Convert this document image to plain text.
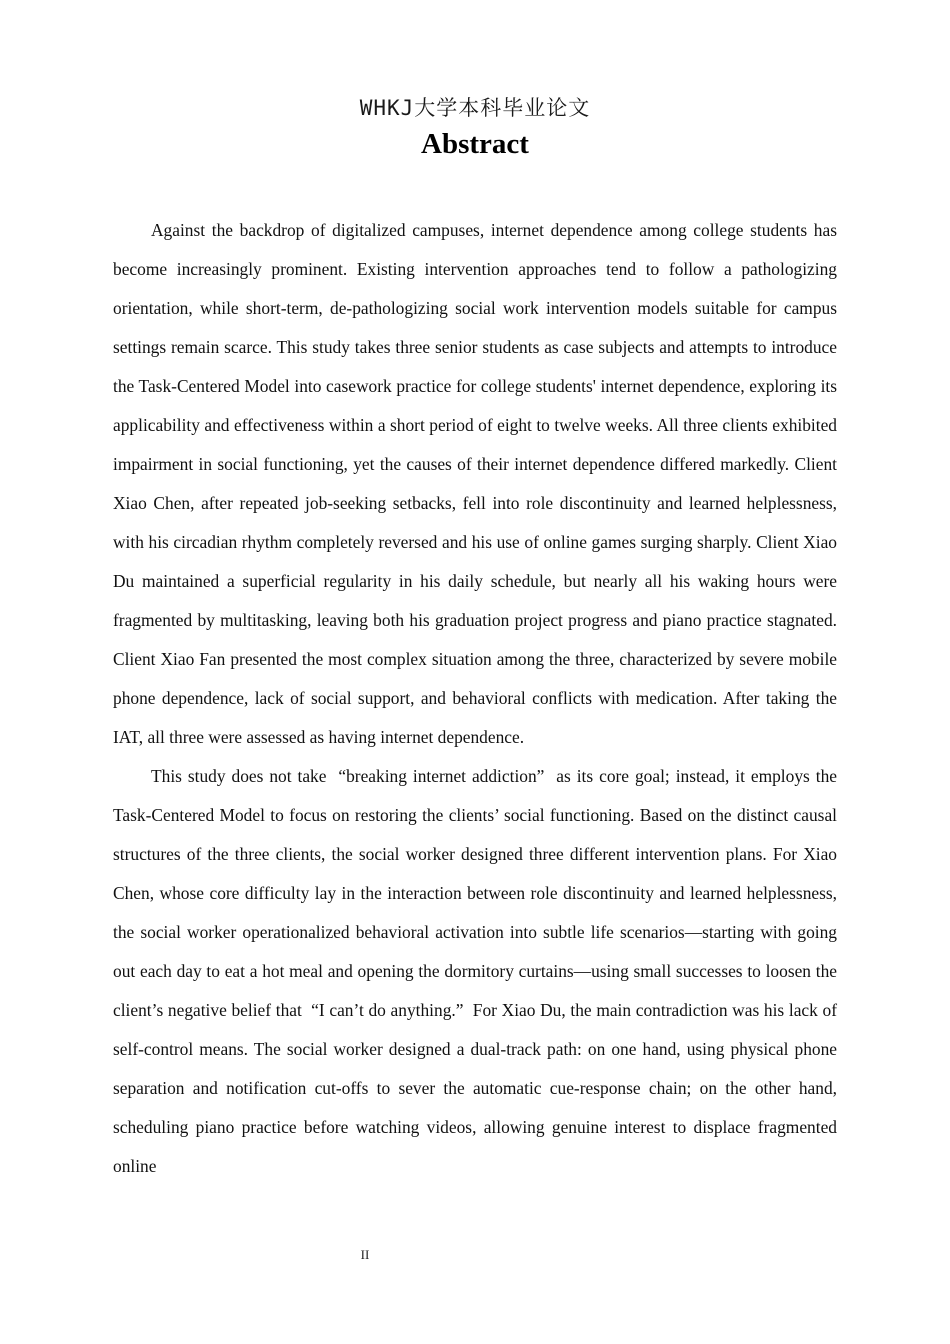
WHKJ大学本科毕业论文
Abstract

Against the backdrop of digitalized campuses, internet dependence among college students has become increasingly prominent. Existing intervention approaches tend to follow a pathologizing orientation, while short-term, de-pathologizing social work intervention models suitable for campus settings remain scarce. This study takes three senior students as case subjects and attempts to introduce the Task-Centered Model into casework practice for college students' internet dependence, exploring its applicability and effectiveness within a short period of eight to twelve weeks. All three clients exhibited impairment in social functioning, yet the causes of their internet dependence differed markedly. Client Xiao Chen, after repeated job-seeking setbacks, fell into role discontinuity and learned helplessness, with his circadian rhythm completely reversed and his use of online games surging sharply. Client Xiao Du maintained a superficial regularity in his daily schedule, but nearly all his waking hours were fragmented by multitasking, leaving both his graduation project progress and piano practice stagnated. Client Xiao Fan presented the most complex situation among the three, characterized by severe mobile phone dependence, lack of social support, and behavioral conflicts with medication. After taking the IAT, all three were assessed as having internet dependence.

This study does not take  “breaking internet addiction”  as its core goal; instead, it employs the Task-Centered Model to focus on restoring the clients’ social functioning. Based on the distinct causal structures of the three clients, the social worker designed three different intervention plans. For Xiao Chen, whose core difficulty lay in the interaction between role discontinuity and learned helplessness, the social worker operationalized behavioral activation into subtle life scenarios—starting with going out each day to eat a hot meal and opening the dormitory curtains—using small successes to loosen the client’s negative belief that  “I can’t do anything.”  For Xiao Du, the main contradiction was his lack of self-control means. The social worker designed a dual-track path: on one hand, using physical phone separation and notification cut-offs to sever the automatic cue-response chain; on the other hand, scheduling piano practice before watching videos, allowing genuine interest to displace fragmented online

II
